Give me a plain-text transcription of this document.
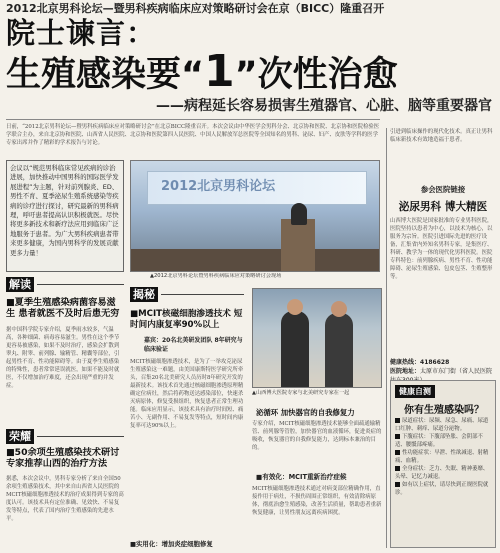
2012北京男科论坛—暨男科疾病临床应对策略研讨会在京（BICC）隆重召开
院士谏言：
生殖感染要“1”次性治愈
——病程延长容易损害生殖器官、心脏、脑等重要器官
日前，“2012北京男科论坛—暨男科疾病临床应对策略研讨会”在北京BICC隆重召开。本次会议由中华医学会男科分会、北京协和医院、北京协和医院检验医学联合主办，来自北京协和医院、山西省人民医院、北京协和医院第四人民医院、中国人民解放军总医院等全国知名的男科、泌尿、妇产、皮肤等学科的医学专家出席并作了精彩的学术报告与讨论。
会议以“规范男科临床常见疾病的诊治进展，加快推动中国男科的国际医学发展进程”为主题，针对前列腺炎、ED、男性不育、夏季泌尿生殖系统感染等疾病的诊疗进行探讨，研究最新的男科病理，呼吁患者提高认识积极就医。尽快将更多新技术和新疗法应用到临床广泛地服务于患者。为广大男科疾病患者带来更多健康，为国内男科学的发展贡献更多力量！
解读
■夏季生殖感染病菌容易滋生 患者就医不及时后患无穷
据中国科学院专家介绍，夏季雨水较多，气温高，各种细菌、病毒容易滋生。男性在这个季节更容易被感染，如果不及时治疗，感染会扩散到睾丸、附睾、前列腺、输精管、精囊等部位，引起男性不育、性功能障碍等。由于夏季生殖感染的特殊性，患者常常延误就医，如果不能及时就医，不仅增加治疗难度，还会出现严重的并发症。
荣耀
■50余项生殖感染技术研讨 专家推荐山西的治疗方法
据悉，本次会议中，男科专家分析了来自全国50余项生殖感染技术，其中来自山西省人民医院的MCIT核磁细胞渗透技术的治疗成果得到专家的高度认可。该技术具有定位准确、见效快、不易复发等特点，代表了国内治疗生殖感染的先进水平。
2012北京男科论坛
▲2012北京男科论坛暨男科疾病临床应对策略研讨会现场
揭秘
■MCIT核磁细胞渗透技术 短时间内康复率90%以上
嘉宾：20名北美研发团队 8年研究与临床验证
MCIT核磁细胞渗透技术，是为了一举攻克泌尿生殖感染这一难题，由美国康斯特医学研究所牵头，召集20名北美研究人员历时8年研究开发的最新技术。该技术首先通过核磁细胞渗透原理精确定位病灶，然后将药物送达感染部位，快速杀灭病原体，修复受损组织，恢复患者正常生理功能。临床应用显示，该技术具有治疗时间短、痛苦小、无副作用、不易复发等特点，短时间内康复率可达90%以上。
■实用化：增加炎症细胞修复
▲山西博大医院专家与北美研究专家在一起
泌循环 加快器官的自我修复力
专家介绍，MCIT核磁细胞渗透技术能够全面疏通输精管、前列腺等管腔，加快器官的血液循环，促进炎症的吸收，恢复器官的自我修复能力，达到标本兼治的目的。
■有效化：MCIT重新治疗症候
MCIT核磁细胞渗透技术通过对病变部位精确作用，直接作用于病灶，不损伤周围正常组织，有效清除病原体，彻底治愈生殖感染，改善生活质量，帮助患者重新恢复健康，让男性朋友远离疾病困扰。
引进到临床操作的现代化技术。真正让男科临床新技术有效地造福于患者。
参会医院链接
泌尿男科 博大精医
山西博大医院是国家批准的专业男科医院，医院坚持以患者为中心，以技术为核心，以服务为宗旨。医院引进国际先进的医疗设备，汇集省内外知名男科专家，是集医疗、科研、教学为一体的现代化男科医院。医院专科特色：前列腺疾病、男性不育、性功能障碍、泌尿生殖感染、包皮包茎、生殖整形等。
健康热线：4186628
医院地址：太原市东门街（省人民医院
健康自测
你有生殖感染吗？
尿道症状：尿频、尿急、尿痛、尿道口红肿、刺痒、尿道分泌物。
下腹症状：下腹部坠胀、会阴部不适、腰骶部疼痛。
性功能症状：早泄、性欲减退、射精痛、血精。
全身症状：乏力、失眠、精神萎靡、头晕、记忆力减退。
如有以上症状，请尽快到正规医院就诊。
